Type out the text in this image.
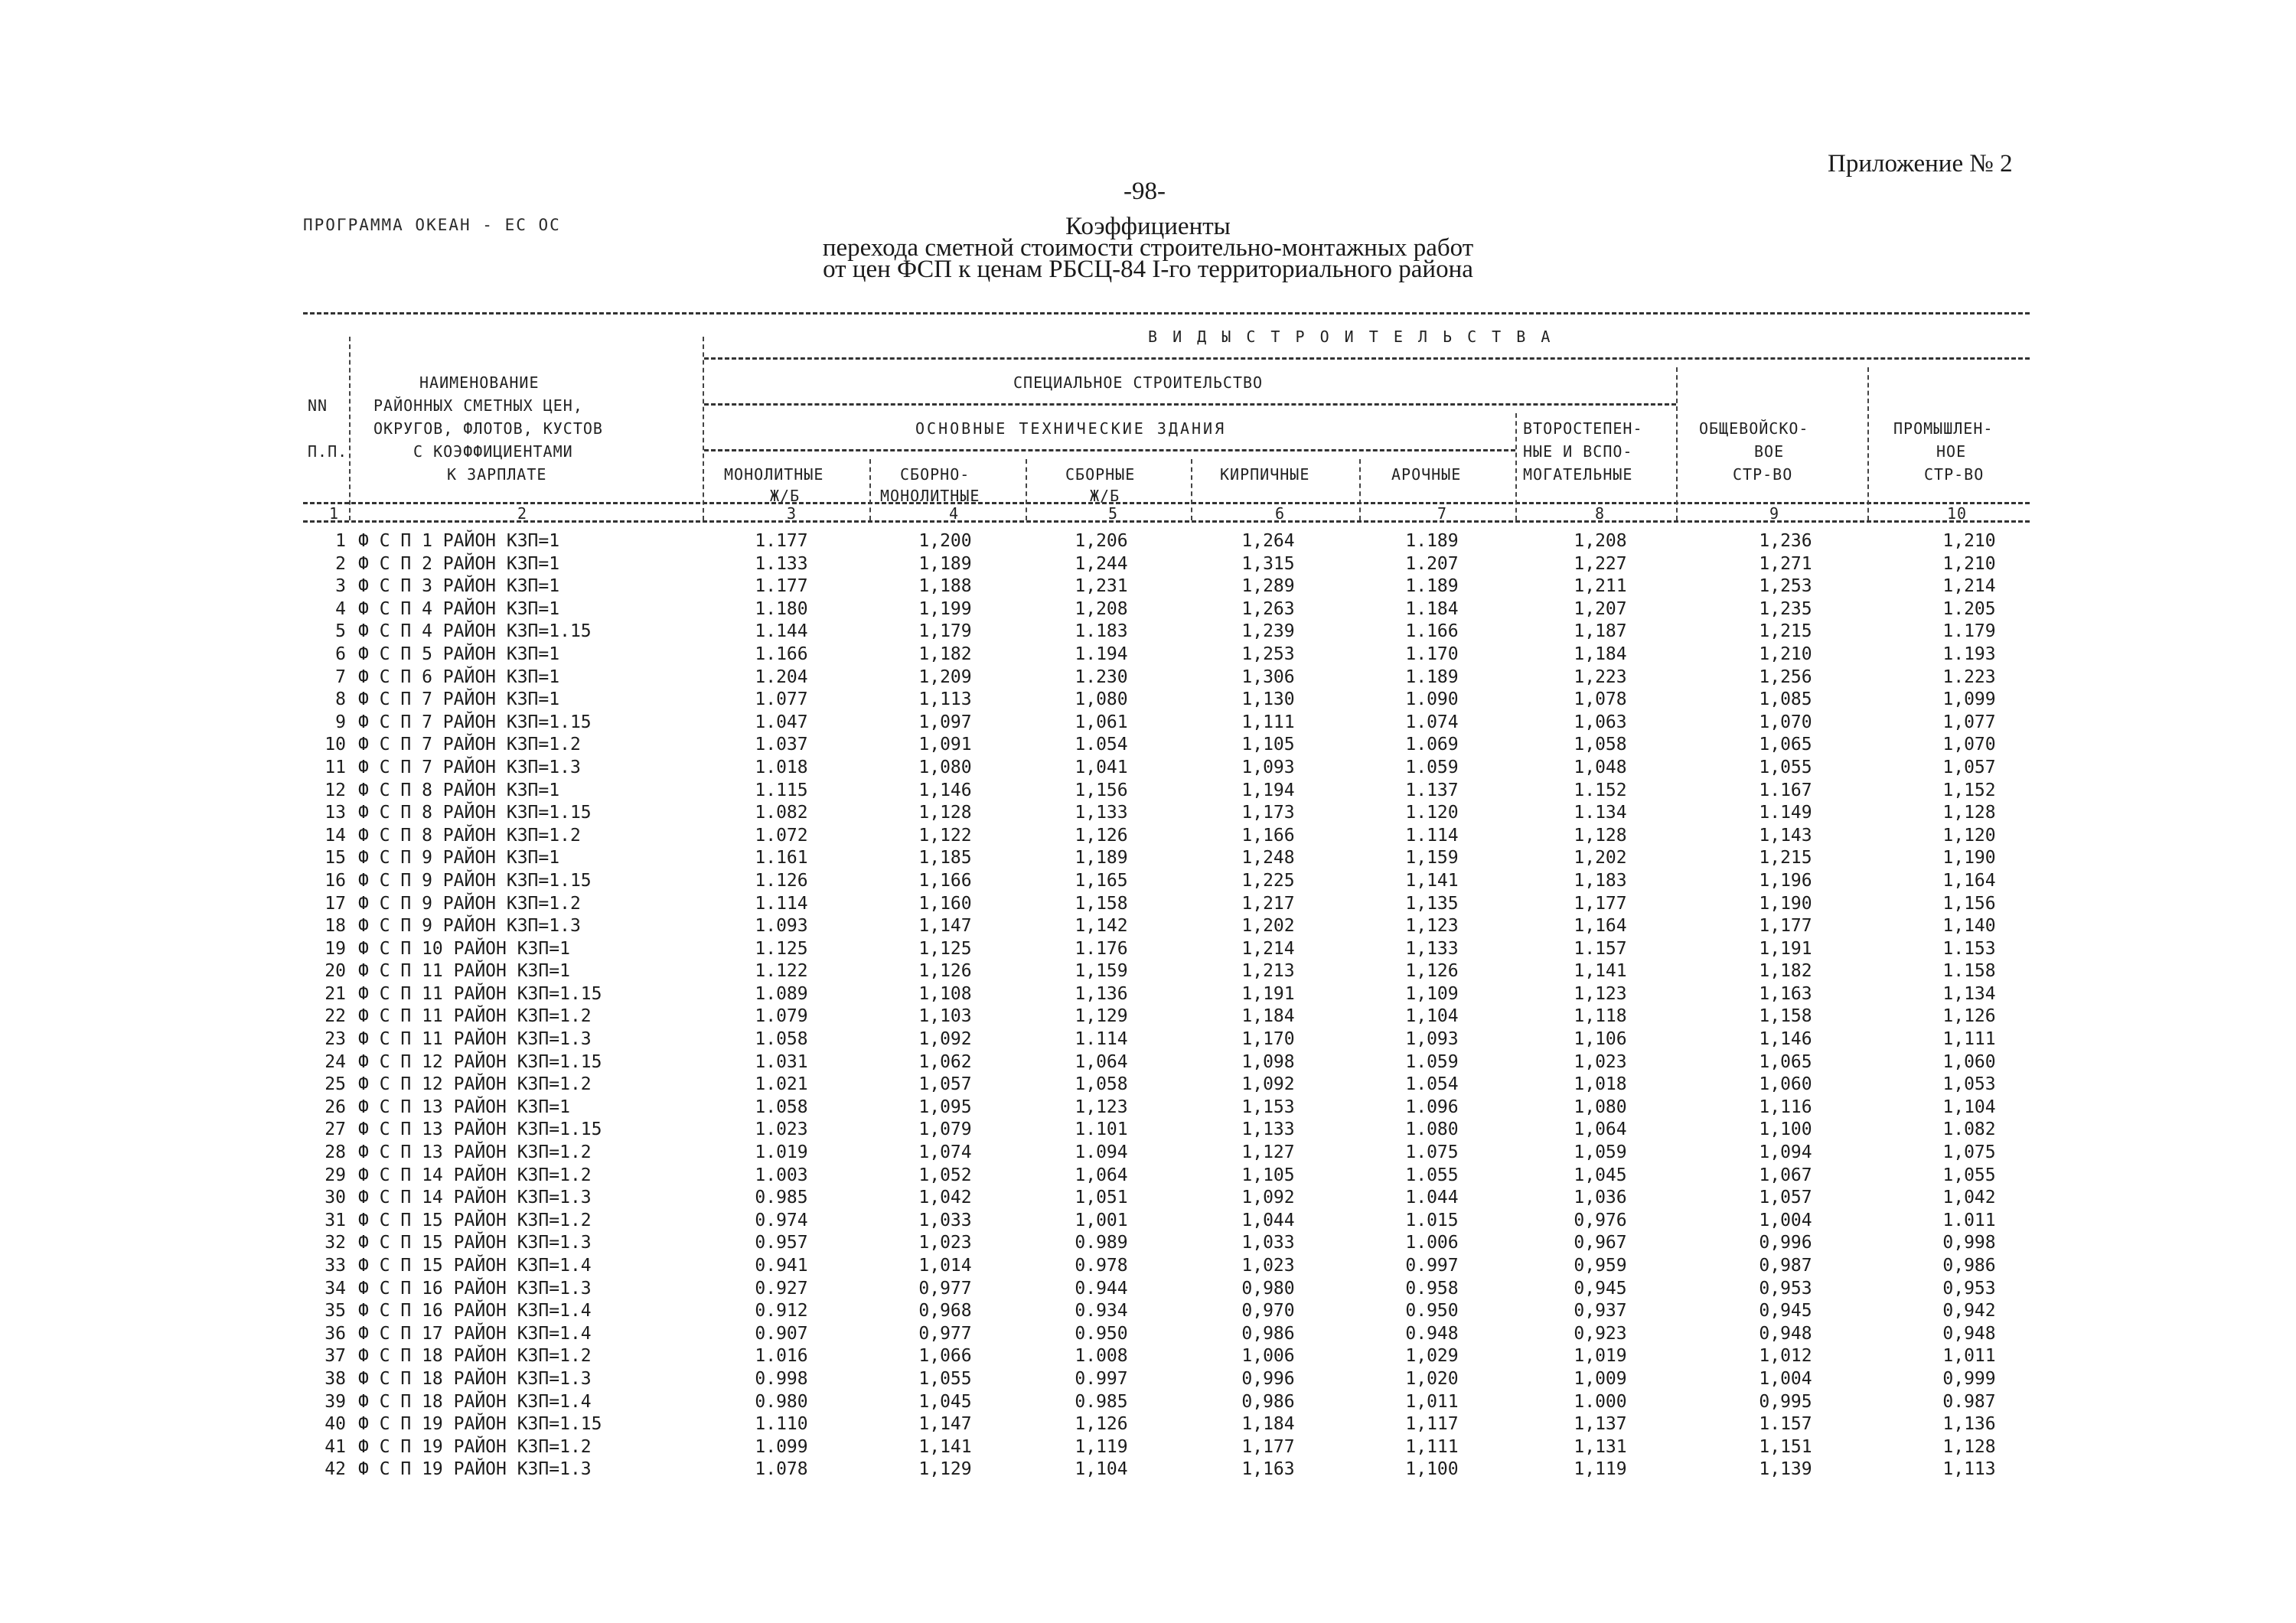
Приложение № 2
ПРОГРАММА ОКЕАН - ЕС ОС
-98-
Коэффициенты
перехода сметной стоимости строительно-монтажных работ
от цен ФСП к ценам РБСЦ-84 I-го территориального района
NN
П.П.
НАИМЕНОВАНИЕ
РАЙОННЫХ СМЕТНЫХ ЦЕН,
ОКРУГОВ, ФЛОТОВ, КУСТОВ
С КОЭФФИЦИЕНТАМИ
К ЗАРПЛАТЕ
В И Д Ы С Т Р О И Т Е Л Ь С Т В А
СПЕЦИАЛЬНОЕ СТРОИТЕЛЬСТВО
ОСНОВНЫЕ ТЕХНИЧЕСКИЕ ЗДАНИЯ
МОНОЛИТНЫЕ
Ж/Б
СБОРНО-
МОНОЛИТНЫЕ
СБОРНЫЕ
Ж/Б
КИРПИЧНЫЕ	АРОЧНЫЕ
ВТОРОСТЕПЕН-
НЫЕ И ВСПО-
МОГАТЕЛЬНЫЕ
ОБЩЕВОЙСКО-
ВОЕ
СТР-ВО
ПРОМЫШЛЕН-
НОЕ
СТР-ВО
1	2	3	4	5	6	7	8	9	10
1 Ф С П 1 РАЙОН КЗП=1	1.177	1,200	1,206	1,264	1.189	1,208	1,236	1,210
2 Ф С П 2 РАЙОН КЗП=1	1.133	1,189	1,244	1,315	1.207	1,227	1,271	1,210
3 Ф С П 3 РАЙОН КЗП=1	1.177	1,188	1,231	1,289	1.189	1,211	1,253	1,214
4 Ф С П 4 РАЙОН КЗП=1	1.180	1,199	1,208	1,263	1.184	1,207	1,235	1.205
5 Ф С П 4 РАЙОН КЗП=1.15	1.144	1,179	1.183	1,239	1.166	1,187	1,215	1.179
6 Ф С П 5 РАЙОН КЗП=1	1.166	1,182	1.194	1,253	1.170	1,184	1,210	1.193
7 Ф С П 6 РАЙОН КЗП=1	1.204	1,209	1.230	1,306	1.189	1,223	1,256	1.223
8 Ф С П 7 РАЙОН КЗП=1	1.077	1,113	1,080	1,130	1.090	1,078	1,085	1,099
9 Ф С П 7 РАЙОН КЗП=1.15	1.047	1,097	1,061	1,111	1.074	1,063	1,070	1,077
10 Ф С П 7 РАЙОН КЗП=1.2	1.037	1,091	1.054	1,105	1.069	1,058	1,065	1,070
11 Ф С П 7 РАЙОН КЗП=1.3	1.018	1,080	1,041	1,093	1.059	1,048	1,055	1,057
12 Ф С П 8 РАЙОН КЗП=1	1.115	1,146	1,156	1,194	1.137	1.152	1.167	1,152
13 Ф С П 8 РАЙОН КЗП=1.15	1.082	1,128	1,133	1,173	1.120	1.134	1.149	1,128
14 Ф С П 8 РАЙОН КЗП=1.2	1.072	1,122	1,126	1,166	1.114	1,128	1,143	1,120
15 Ф С П 9 РАЙОН КЗП=1	1.161	1,185	1,189	1,248	1,159	1,202	1,215	1,190
16 Ф С П 9 РАЙОН КЗП=1.15	1.126	1,166	1,165	1,225	1,141	1,183	1,196	1,164
17 Ф С П 9 РАЙОН КЗП=1.2	1.114	1,160	1,158	1,217	1,135	1,177	1,190	1,156
18 Ф С П 9 РАЙОН КЗП=1.3	1.093	1,147	1,142	1,202	1,123	1,164	1,177	1,140
19 Ф С П 10 РАЙОН КЗП=1	1.125	1,125	1.176	1,214	1,133	1.157	1,191	1.153
20 Ф С П 11 РАЙОН КЗП=1	1.122	1,126	1,159	1,213	1,126	1,141	1,182	1.158
21 Ф С П 11 РАЙОН КЗП=1.15	1.089	1,108	1,136	1,191	1,109	1,123	1,163	1,134
22 Ф С П 11 РАЙОН КЗП=1.2	1.079	1,103	1,129	1,184	1,104	1,118	1,158	1,126
23 Ф С П 11 РАЙОН КЗП=1.3	1.058	1,092	1.114	1,170	1,093	1,106	1,146	1,111
24 Ф С П 12 РАЙОН КЗП=1.15	1.031	1,062	1,064	1,098	1.059	1,023	1,065	1,060
25 Ф С П 12 РАЙОН КЗП=1.2	1.021	1,057	1,058	1,092	1.054	1,018	1,060	1,053
26 Ф С П 13 РАЙОН КЗП=1	1.058	1,095	1,123	1,153	1.096	1,080	1,116	1,104
27 Ф С П 13 РАЙОН КЗП=1.15	1.023	1,079	1.101	1,133	1.080	1,064	1,100	1.082
28 Ф С П 13 РАЙОН КЗП=1.2	1.019	1,074	1.094	1,127	1.075	1,059	1,094	1,075
29 Ф С П 14 РАЙОН КЗП=1.2	1.003	1,052	1,064	1,105	1.055	1,045	1,067	1,055
30 Ф С П 14 РАЙОН КЗП=1.3	0.985	1,042	1,051	1,092	1.044	1,036	1,057	1,042
31 Ф С П 15 РАЙОН КЗП=1.2	0.974	1,033	1,001	1,044	1.015	0,976	1,004	1.011
32 Ф С П 15 РАЙОН КЗП=1.3	0.957	1,023	0.989	1,033	1.006	0,967	0,996	0,998
33 Ф С П 15 РАЙОН КЗП=1.4	0.941	1,014	0.978	1,023	0.997	0,959	0,987	0,986
34 Ф С П 16 РАЙОН КЗП=1.3	0.927	0,977	0.944	0,980	0.958	0,945	0,953	0,953
35 Ф С П 16 РАЙОН КЗП=1.4	0.912	0,968	0.934	0,970	0.950	0,937	0,945	0,942
36 Ф С П 17 РАЙОН КЗП=1.4	0.907	0,977	0.950	0,986	0.948	0,923	0,948	0,948
37 Ф С П 18 РАЙОН КЗП=1.2	1.016	1,066	1.008	1,006	1,029	1,019	1,012	1,011
38 Ф С П 18 РАЙОН КЗП=1.3	0.998	1,055	0.997	0,996	1,020	1,009	1,004	0,999
39 Ф С П 18 РАЙОН КЗП=1.4	0.980	1,045	0.985	0,986	1,011	1.000	0,995	0.987
40 Ф С П 19 РАЙОН КЗП=1.15	1.110	1,147	1,126	1,184	1,117	1,137	1.157	1,136
41 Ф С П 19 РАЙОН КЗП=1.2	1.099	1,141	1,119	1,177	1,111	1,131	1,151	1,128
42 Ф С П 19 РАЙОН КЗП=1.3	1.078	1,129	1,104	1,163	1,100	1,119	1,139	1,113
